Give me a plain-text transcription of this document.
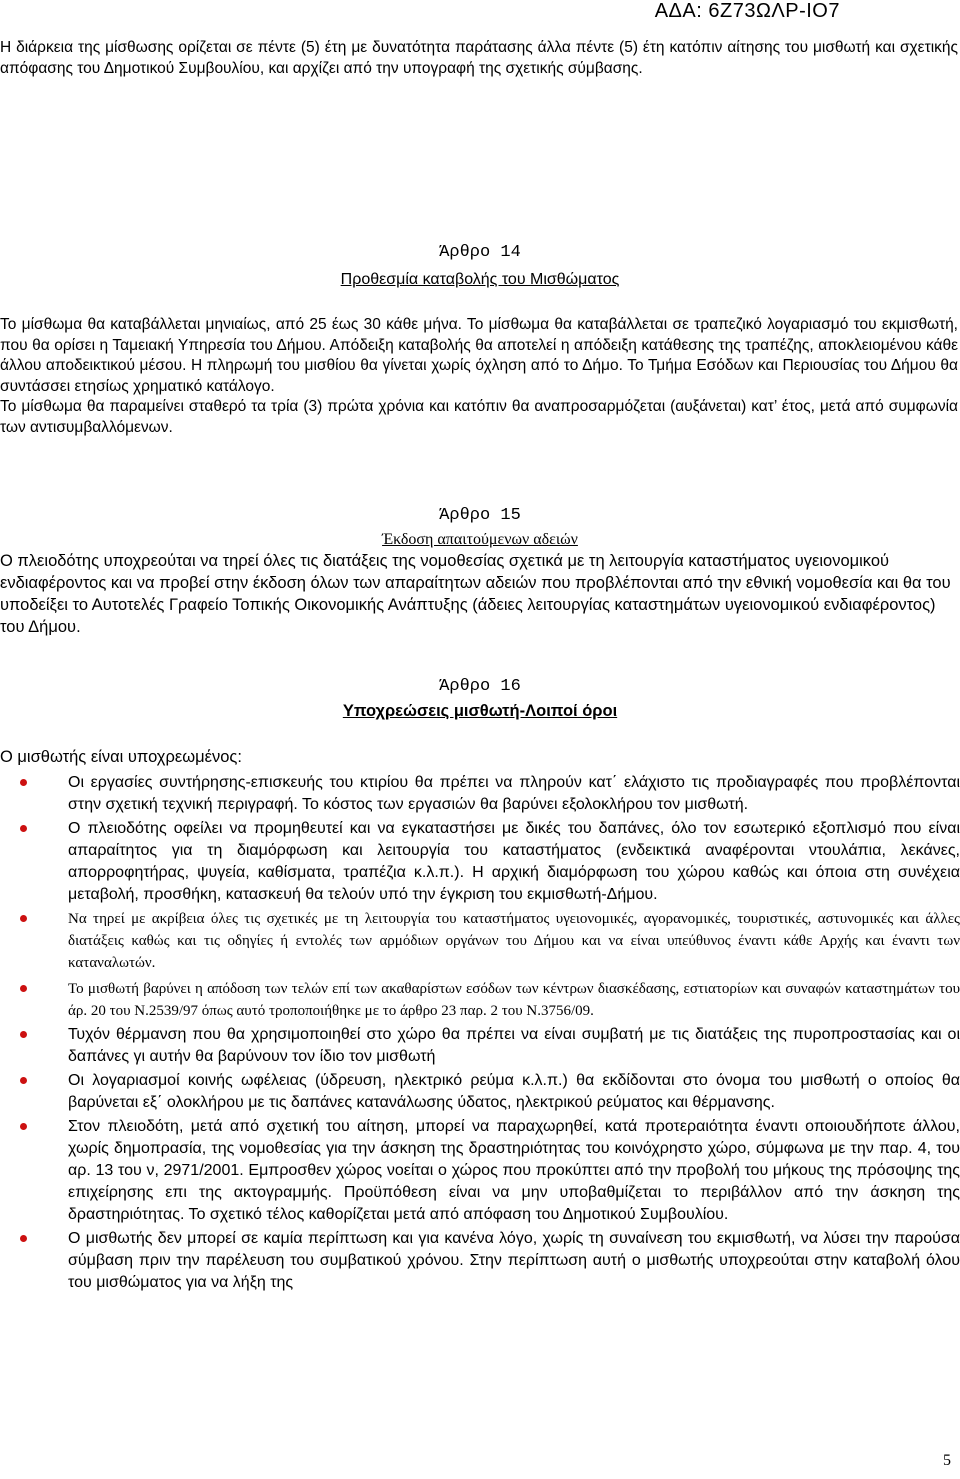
ΑΔΑ: 6Ζ73ΩΛΡ-ΙΟ7

Η διάρκεια της μίσθωσης ορίζεται σε πέντε (5) έτη με δυνατότητα παράτασης άλλα πέντε (5) έτη κατόπιν αίτησης του μισθωτή και σχετικής απόφασης του Δημοτικού Συμβουλίου, και αρχίζει από την υπογραφή της σχετικής σύμβασης.

Άρθρο 14
Προθεσμία καταβολής του Μισθώματος

Το μίσθωμα θα καταβάλλεται μηνιαίως, από 25 έως 30 κάθε μήνα. Το μίσθωμα θα καταβάλλεται σε τραπεζικό λογαριασμό του εκμισθωτή, που θα ορίσει η Ταμειακή Υπηρεσία του Δήμου. Απόδειξη καταβολής θα αποτελεί η απόδειξη κατάθεσης της τραπέζης, αποκλειομένου κάθε άλλου αποδεικτικού μέσου. Η πληρωμή του μισθίου θα γίνεται χωρίς όχληση από το Δήμο. Το Τμήμα Εσόδων και Περιουσίας του Δήμου θα συντάσσει ετησίως χρηματικό κατάλογο.

Το μίσθωμα θα παραμείνει σταθερό τα τρία (3) πρώτα χρόνια και κατόπιν θα αναπροσαρμόζεται (αυξάνεται) κατ’ έτος, μετά από συμφωνία των αντισυμβαλλόμενων.

Άρθρο 15
Έκδοση απαιτούμενων αδειών

Ο πλειοδότης υποχρεούται να τηρεί όλες τις διατάξεις της νομοθεσίας σχετικά με τη λειτουργία καταστήματος υγειονομικού ενδιαφέροντος και να προβεί στην έκδοση όλων των απαραίτητων αδειών που προβλέπονται από την εθνική νομοθεσία και θα του υποδείξει το Αυτοτελές Γραφείο Τοπικής Οικονομικής Ανάπτυξης (άδειες λειτουργίας καταστημάτων υγειονομικού ενδιαφέροντος) του Δήμου.

Άρθρο 16
Υποχρεώσεις μισθωτή-Λοιποί όροι

Ο μισθωτής είναι υποχρεωμένος:

Οι εργασίες συντήρησης-επισκευής του κτιρίου θα πρέπει να πληρούν κατ΄ ελάχιστο τις προδιαγραφές που προβλέπονται στην σχετική τεχνική περιγραφή. Το κόστος των εργασιών θα βαρύνει εξολοκλήρου τον μισθωτή.
Ο πλειοδότης οφείλει να προμηθευτεί και να εγκαταστήσει με δικές του δαπάνες, όλο τον εσωτερικό εξοπλισμό που είναι απαραίτητος για τη διαμόρφωση και λειτουργία του καταστήματος (ενδεικτικά αναφέρονται ντουλάπια, λεκάνες, απορροφητήρας, ψυγεία, καθίσματα, τραπέζια κ.λ.π.). Η αρχική διαμόρφωση του χώρου καθώς και όποια στη συνέχεια μεταβολή, προσθήκη, κατασκευή θα τελούν υπό την έγκριση του εκμισθωτή-Δήμου.
Να τηρεί με ακρίβεια όλες τις σχετικές με τη λειτουργία του καταστήματος υγειονομικές, αγορανομικές, τουριστικές, αστυνομικές και άλλες διατάξεις καθώς και τις οδηγίες ή εντολές των αρμόδιων οργάνων του Δήμου και να είναι υπεύθυνος έναντι κάθε Αρχής και έναντι των καταναλωτών.
Το μισθωτή βαρύνει η απόδοση των τελών επί των ακαθαρίστων εσόδων των κέντρων διασκέδασης, εστιατορίων και συναφών καταστημάτων του άρ. 20 του Ν.2539/97 όπως αυτό τροποποιήθηκε με το άρθρο 23 παρ. 2 του Ν.3756/09.
Τυχόν θέρμανση που θα χρησιμοποιηθεί στο χώρο θα πρέπει να είναι συμβατή με τις διατάξεις της πυροπροστασίας και οι δαπάνες γι αυτήν θα βαρύνουν τον ίδιο τον μισθωτή
Οι λογαριασμοί κοινής ωφέλειας (ύδρευση, ηλεκτρικό ρεύμα κ.λ.π.) θα εκδίδονται στο όνομα του μισθωτή ο οποίος θα βαρύνεται εξ΄ ολοκλήρου με τις δαπάνες κατανάλωσης ύδατος, ηλεκτρικού ρεύματος και θέρμανσης.
Στον πλειοδότη, μετά από σχετική του αίτηση, μπορεί να παραχωρηθεί, κατά προτεραιότητα έναντι οποιουδήποτε άλλου, χωρίς δημοπρασία, της νομοθεσίας για την άσκηση της δραστηριότητας του κοινόχρηστο χώρο, σύμφωνα με την παρ. 4, του αρ. 13 του ν, 2971/2001. Εμπροσθεν χώρος νοείται ο χώρος που προκύπτει από την προβολή του μήκους της πρόσοψης της επιχείρησης επι της ακτογραμμής. Προϋπόθεση είναι να μην υποβαθμίζεται το περιβάλλον από την άσκηση της δραστηριότητας. Το σχετικό τέλος καθορίζεται μετά από απόφαση του Δημοτικού Συμβουλίου.
Ο μισθωτής δεν μπορεί σε καμία περίπτωση και για κανένα λόγο, χωρίς τη συναίνεση του εκμισθωτή, να λύσει την παρούσα σύμβαση πριν την παρέλευση του συμβατικού χρόνου. Στην περίπτωση αυτή ο μισθωτής υποχρεούται στην καταβολή όλου του μισθώματος για να λήξη της
5
